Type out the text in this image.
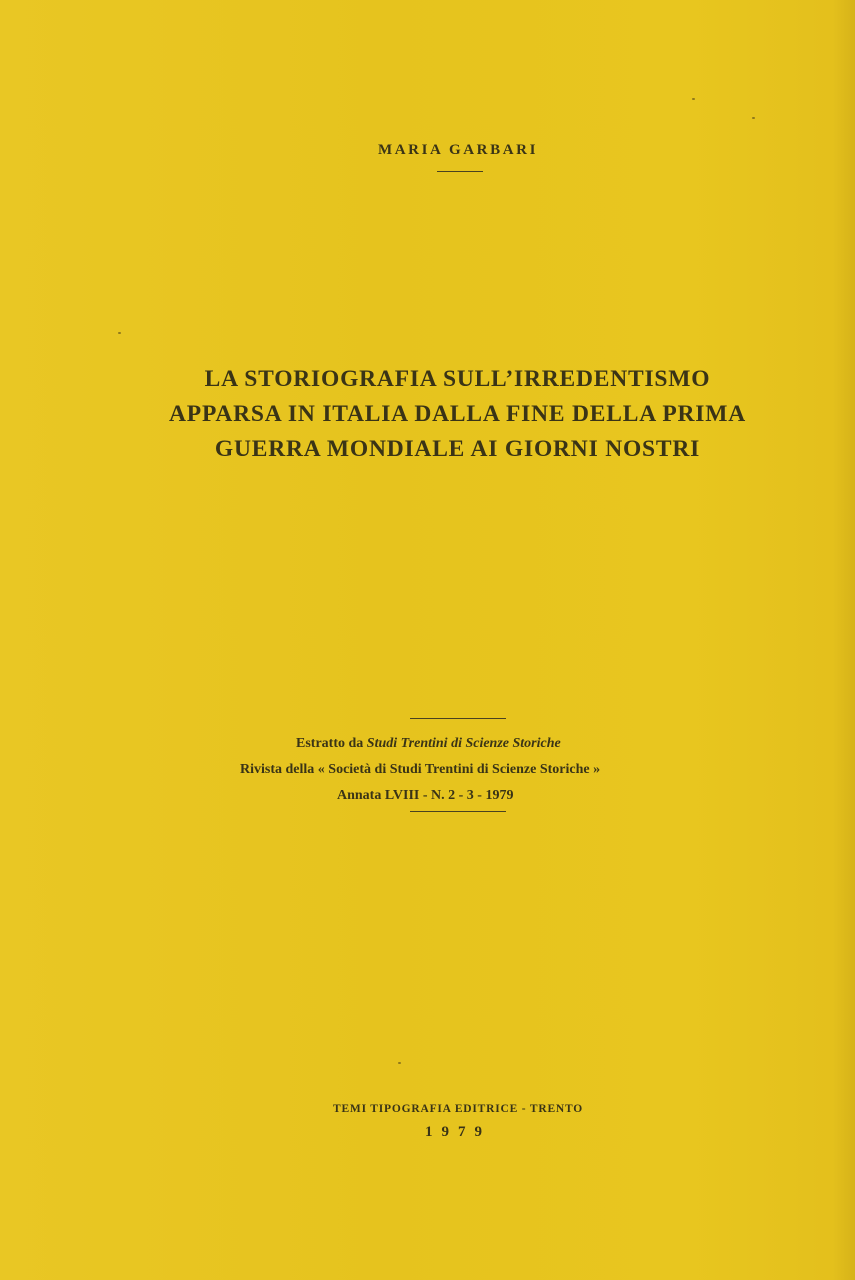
MARIA GARBARI
LA STORIOGRAFIA SULL’IRREDENTISMO
APPARSA IN ITALIA DALLA FINE DELLA PRIMA
GUERRA MONDIALE AI GIORNI NOSTRI
Estratto da Studi Trentini di Scienze Storiche
Rivista della « Società di Studi Trentini di Scienze Storiche »
Annata LVIII - N. 2 - 3 - 1979
TEMI TIPOGRAFIA EDITRICE - TRENTO
1979
